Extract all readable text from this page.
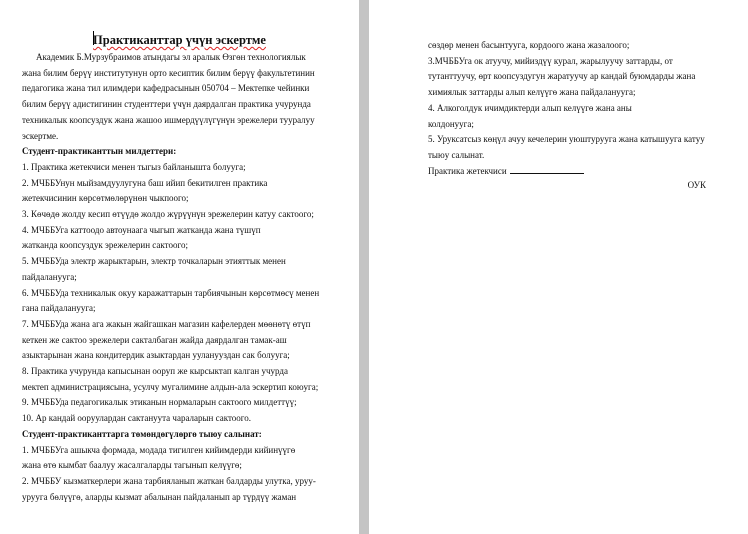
Практиканттар үчүн эскертме
Академик Б.Мурзубраимов атындагы эл аралык Өзгөн технологиялык
жана билим берүү институтунун орто кесиптик билим берүү факультетинин
педагогика жана тил илимдери кафедрасынын 050704 – Мектепке чейинки
билим берүү адистигинин студенттери үчүн даярдалган практика учурунда
техникалык коопсуздук жана жашоо ишмердүүлүгүнүн эрежелери тууралуу
эскертме.
Студент-практиканттын милдеттери:
1. Практика жетекчиси менен тыгыз байланышта болууга;
2. МЧББУнун мыйзамдуулугуна баш ийип бекитилген практика
жетекчисинин көрсөтмөлөрүнөн чыкпоого;
3. Көчөдө жолду кесип өтүүдө жолдо жүрүүнүн эрежелерин катуу сактоого;
4. МЧББУга каттоодо автоунаага чыгып жатканда жана түшүп
жатканда коопсуздук эрежелерин сактоого;
5. МЧББУда электр жарыктарын, электр точкаларын этияттык менен
пайдаланууга;
6. МЧББУда техникалык окуу каражаттарын тарбиячынын көрсөтмөсү менен
гана пайдаланууга;
7. МЧББУда жана ага жакын жайгашкан магазин кафелерден мөөнөтү өтүп
кеткен же сактоо эрежелери сакталбаган жайда даярдалган тамак-аш
азыктарынан жана кондитердик азыктардан ууланууздан сак болууга;
8. Практика учурунда капысынан ооруп же кырсыктап калган учурда
мектеп администрациясына, усулчу мугалимине алдын-ала эскертип коюуга;
9. МЧББУда педагогикалык этиканын нормаларын сактоого милдеттүү;
10. Ар кандай ооруулардан сактануута чараларын сактоого.
Студент-практиканттарга төмөндөгүлөргө тыюу салынат:
1. МЧББУга ашыкча формада, модада тигилген кийимдерди кийинүүгө
жана өтө кымбат баалуу жасалгаларды тагынып келүүгө;
2. МЧББУ кызматкерлери жана тарбияланып жаткан балдарды улутка, уруу-
урууга бөлүүгө, аларды кызмат абалынан пайдаланып ар түрдүү жаман
сөздөр менен басынтууга, кордоого жана жазалоого;
3.МЧББУга ок атуучу, мийиздүү курал, жарылуучу заттарды, от
тутанттуучу, өрт коопсуздугун жаратуучу ар кандай буюмдарды жана
химиялык заттарды алып келүүгө жана пайдаланууга;
4. Алкоголдук ичимдиктерди алып келүүгө жана аны
колдонууга;
5. Уруксатсыз көңүл ачуу кечелерин уюштурууга жана катышууга катуу
тыюу салынат.
Практика жетекчиси
ОУК
